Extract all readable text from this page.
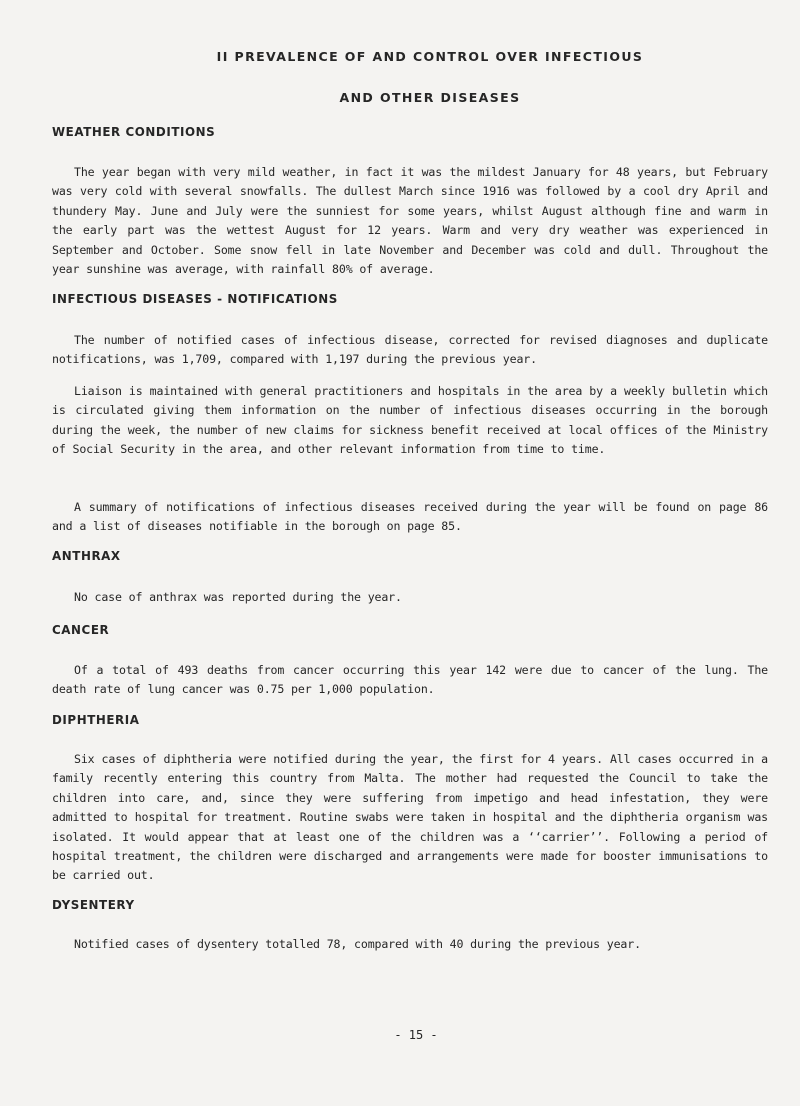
II PREVALENCE OF AND CONTROL OVER INFECTIOUS
AND OTHER DISEASES
WEATHER CONDITIONS

The year began with very mild weather, in fact it was the mildest January for 48 years, but February was very cold with several snowfalls. The dullest March since 1916 was followed by a cool dry April and thundery May. June and July were the sunniest for some years, whilst August although fine and warm in the early part was the wettest August for 12 years. Warm and very dry weather was experienced in September and October. Some snow fell in late November and December was cold and dull. Throughout the year sunshine was average, with rainfall 80% of average.

INFECTIOUS DISEASES - NOTIFICATIONS

The number of notified cases of infectious disease, corrected for revised diagnoses and duplicate notifications, was 1,709, compared with 1,197 during the previous year.

Liaison is maintained with general practitioners and hospitals in the area by a weekly bulletin which is circulated giving them information on the number of infectious diseases occurring in the borough during the week, the number of new claims for sickness benefit received at local offices of the Ministry of Social Security in the area, and other relevant information from time to time.

A summary of notifications of infectious diseases received during the year will be found on page 86 and a list of diseases notifiable in the borough on page 85.

ANTHRAX

No case of anthrax was reported during the year.

CANCER

Of a total of 493 deaths from cancer occurring this year 142 were due to cancer of the lung. The death rate of lung cancer was 0.75 per 1,000 population.

DIPHTHERIA

Six cases of diphtheria were notified during the year, the first for 4 years. All cases occurred in a family recently entering this country from Malta. The mother had requested the Council to take the children into care, and, since they were suffering from impetigo and head infestation, they were admitted to hospital for treatment. Routine swabs were taken in hospital and the diphtheria organism was isolated. It would appear that at least one of the children was a ‘‘carrier’’. Following a period of hospital treatment, the children were discharged and arrangements were made for booster immunisations to be carried out.

DYSENTERY

Notified cases of dysentery totalled 78, compared with 40 during the previous year.

- 15 -
